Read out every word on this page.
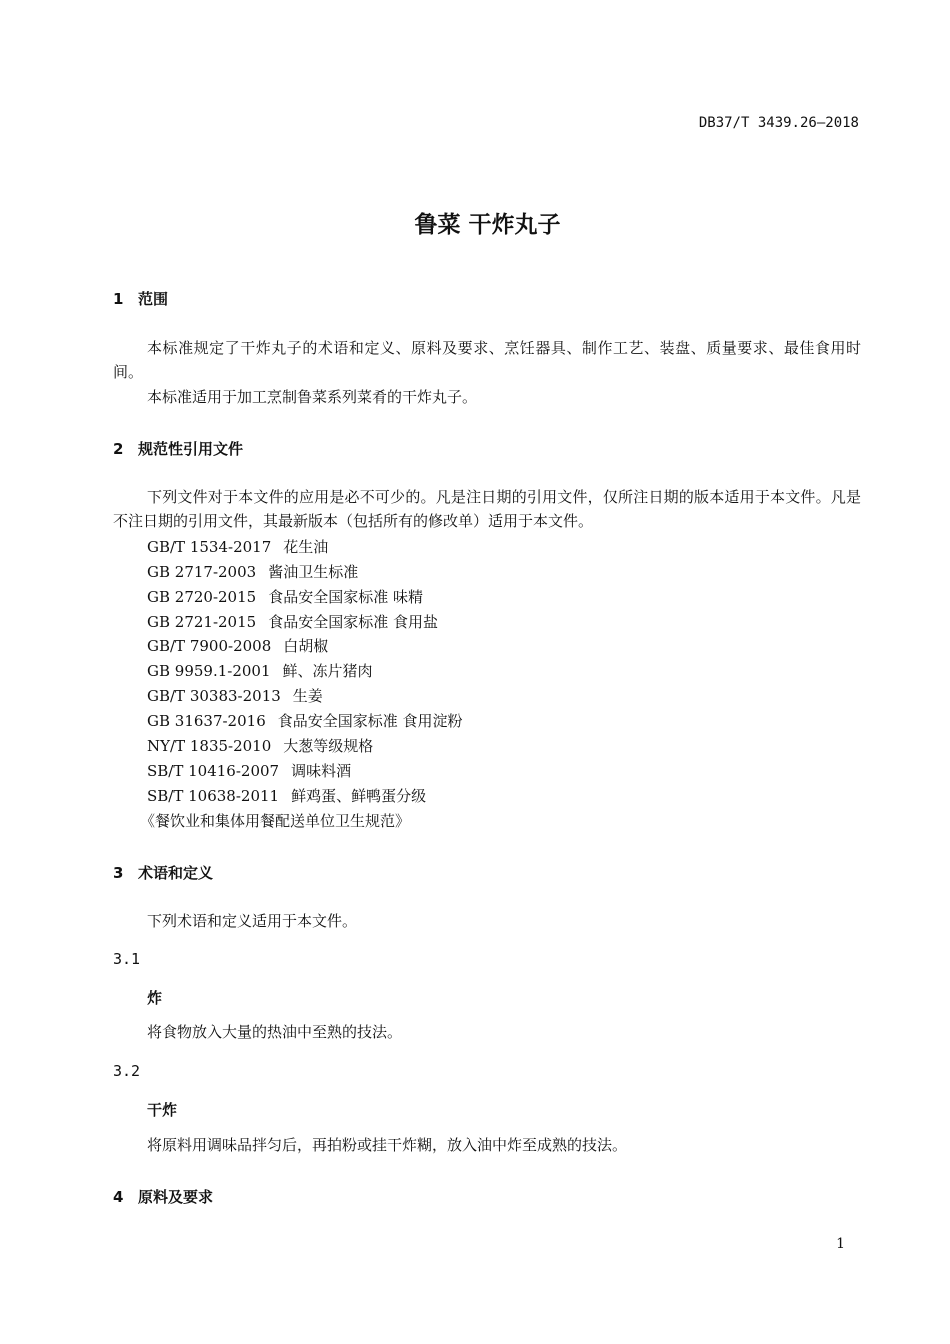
DB37/T 3439.26—2018
鲁菜 干炸丸子
1 范围
本标准规定了干炸丸子的术语和定义、原料及要求、烹饪器具、制作工艺、装盘、质量要求、最佳食用时间。
本标准适用于加工烹制鲁菜系列菜肴的干炸丸子。
2 规范性引用文件
下列文件对于本文件的应用是必不可少的。凡是注日期的引用文件，仅所注日期的版本适用于本文件。凡是不注日期的引用文件，其最新版本（包括所有的修改单）适用于本文件。
GB/T 1534-2017 花生油
GB 2717-2003 酱油卫生标准
GB 2720-2015 食品安全国家标准 味精
GB 2721-2015 食品安全国家标准 食用盐
GB/T 7900-2008 白胡椒
GB 9959.1-2001 鲜、冻片猪肉
GB/T 30383-2013 生姜
GB 31637-2016 食品安全国家标准 食用淀粉
NY/T 1835-2010 大葱等级规格
SB/T 10416-2007 调味料酒
SB/T 10638-2011 鲜鸡蛋、鲜鸭蛋分级
《餐饮业和集体用餐配送单位卫生规范》
3 术语和定义
下列术语和定义适用于本文件。
3.1
炸
将食物放入大量的热油中至熟的技法。
3.2
干炸
将原料用调味品拌匀后，再拍粉或挂干炸糊，放入油中炸至成熟的技法。
4 原料及要求
1
